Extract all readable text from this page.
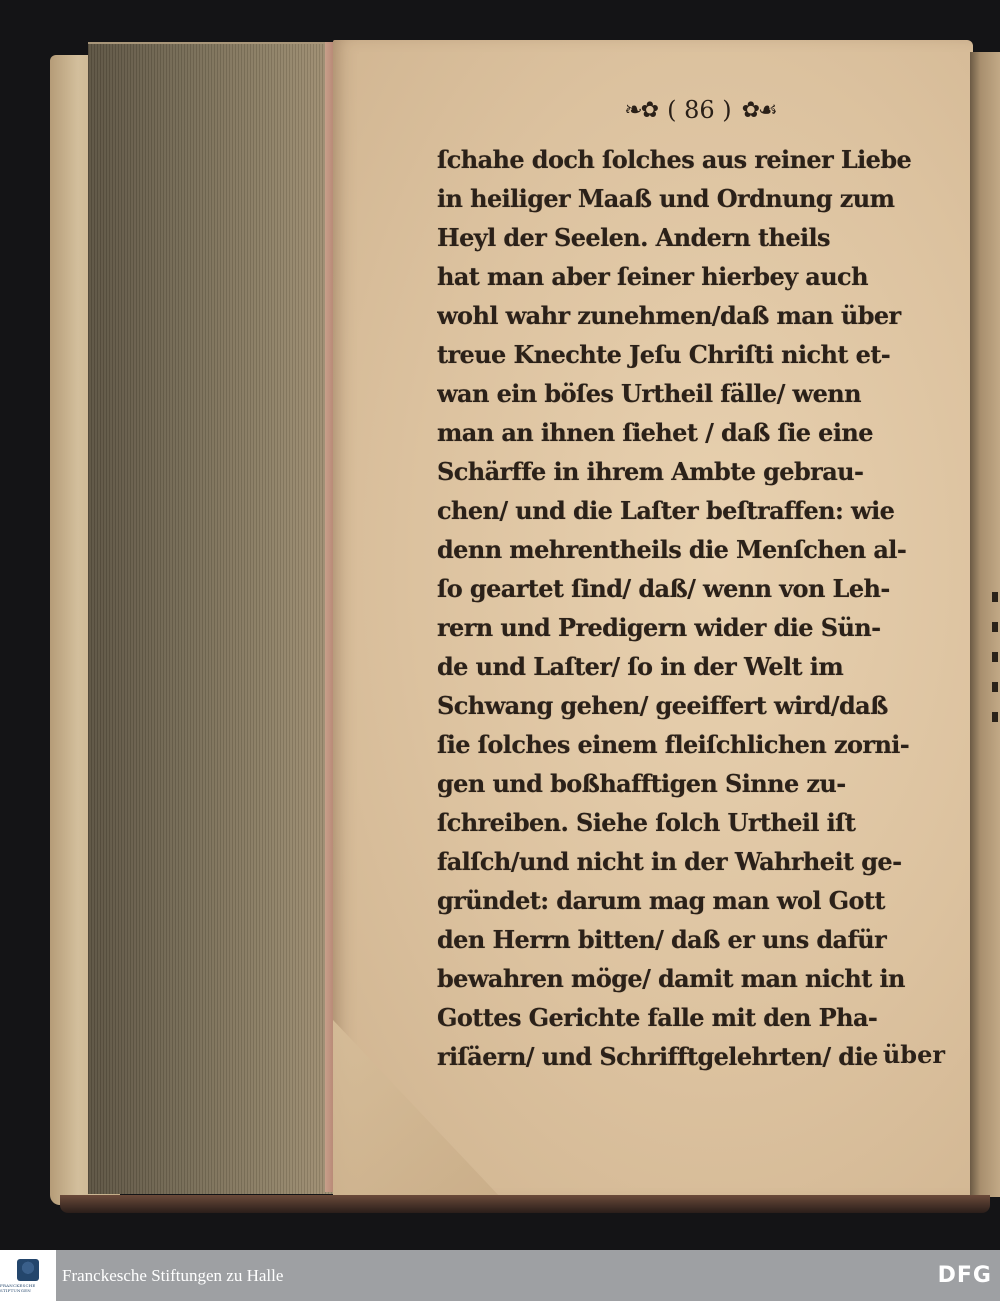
❧✿ ( 86 ) ✿☙
ſchahe doch ſolches aus reiner Liebe
in heiliger Maaß und Ordnung zum
Heyl der Seelen. Andern theils
hat man aber ſeiner hierbey auch
wohl wahr zunehmen/daß man über
treue Knechte Jeſu Chriſti nicht et-
wan ein böſes Urtheil fälle/ wenn
man an ihnen ſiehet / daß ſie eine
Schärffe in ihrem Ambte gebrau-
chen/ und die Laſter beſtraffen: wie
denn mehrentheils die Menſchen al-
ſo geartet ſind/ daß/ wenn von Leh-
rern und Predigern wider die Sün-
de und Laſter/ ſo in der Welt im
Schwang gehen/ geeiffert wird/daß
ſie ſolches einem fleiſchlichen zorni-
gen und boßhafftigen Sinne zu-
ſchreiben. Siehe ſolch Urtheil iſt
falſch/und nicht in der Wahrheit ge-
gründet: darum mag man wol Gott
den Herrn bitten/ daß er uns dafür
bewahren möge/ damit man nicht in
Gottes Gerichte falle mit den Pha-
riſäern/ und Schrifftgelehrten/ die über
FRANCKESCHE STIFTUNGEN
Franckesche Stiftungen zu Halle	DFG
